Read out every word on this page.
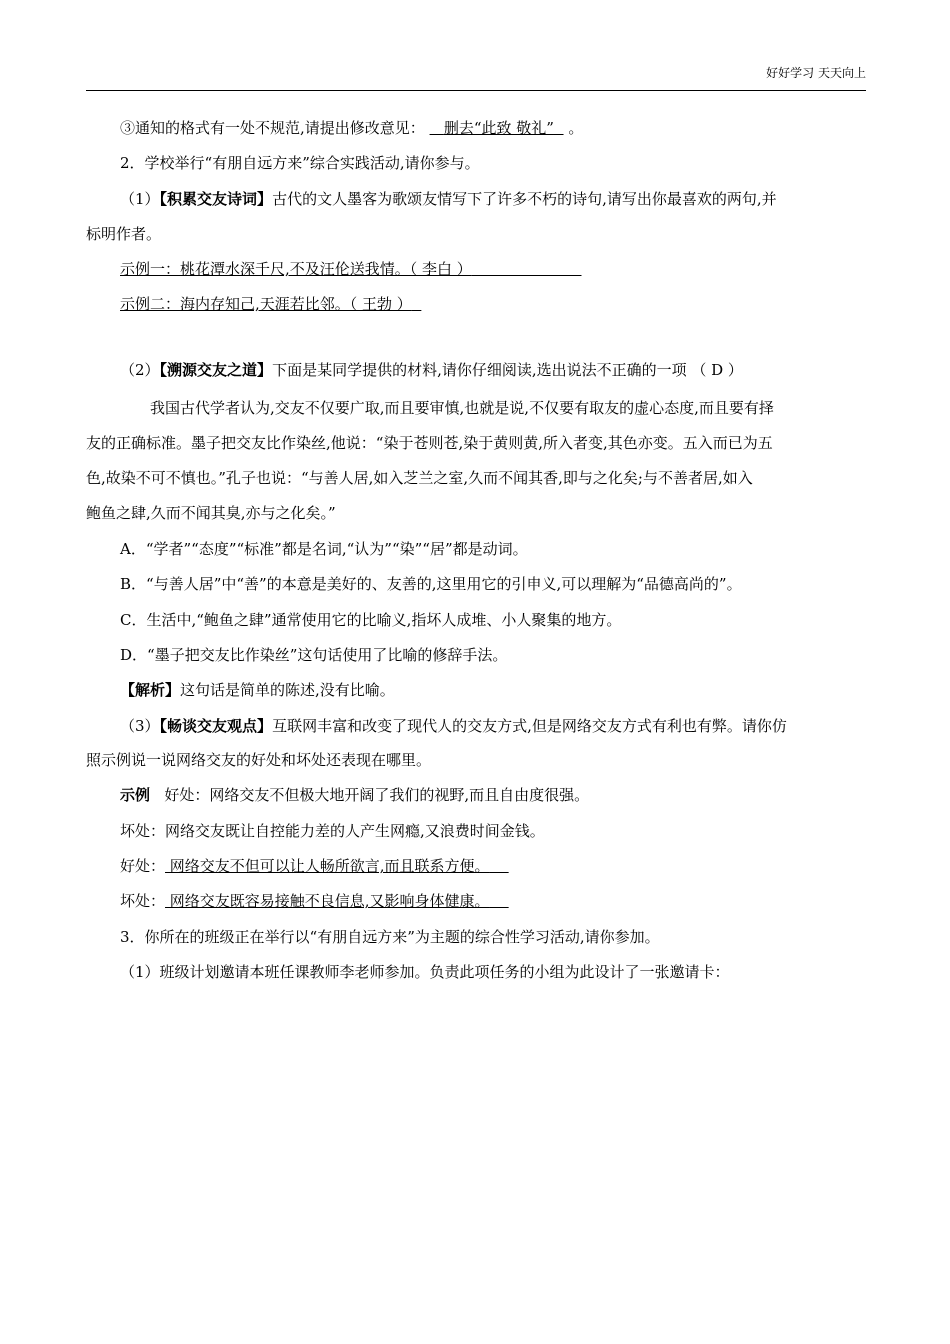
好好学习 天天向上
③通知的格式有一处不规范,请提出修改意见： 删去“此致 敬礼” 。
2．学校举行“有朋自远方来”综合实践活动,请你参与。
（1）【积累交友诗词】古代的文人墨客为歌颂友情写下了许多不朽的诗句,请写出你最喜欢的两句,并
标明作者。
示例一：桃花潭水深千尺,不及汪伦送我情。（ 李白 ）
示例二：海内存知己,天涯若比邻。（ 王勃 ）
（2）【溯源交友之道】下面是某同学提供的材料,请你仔细阅读,选出说法不正确的一项 （ D ）
我国古代学者认为,交友不仅要广取,而且要审慎,也就是说,不仅要有取友的虚心态度,而且要有择
友的正确标准。墨子把交友比作染丝,他说：“染于苍则苍,染于黄则黄,所入者变,其色亦变。五入而已为五
色,故染不可不慎也。”孔子也说：“与善人居,如入芝兰之室,久而不闻其香,即与之化矣;与不善者居,如入
鲍鱼之肆,久而不闻其臭,亦与之化矣。”
A．“学者”“态度”“标准”都是名词,“认为”“染”“居”都是动词。
B．“与善人居”中“善”的本意是美好的、友善的,这里用它的引申义,可以理解为“品德高尚的”。
C．生活中,“鲍鱼之肆”通常使用它的比喻义,指坏人成堆、小人聚集的地方。
D．“墨子把交友比作染丝”这句话使用了比喻的修辞手法。
【解析】这句话是简单的陈述,没有比喻。
（3）【畅谈交友观点】互联网丰富和改变了现代人的交友方式,但是网络交友方式有利也有弊。请你仿
照示例说一说网络交友的好处和坏处还表现在哪里。
示例 好处：网络交友不但极大地开阔了我们的视野,而且自由度很强。
坏处：网络交友既让自控能力差的人产生网瘾,又浪费时间金钱。
好处： 网络交友不但可以让人畅所欲言,而且联系方便。
坏处： 网络交友既容易接触不良信息,又影响身体健康。
3．你所在的班级正在举行以“有朋自远方来”为主题的综合性学习活动,请你参加。
（1）班级计划邀请本班任课教师李老师参加。负责此项任务的小组为此设计了一张邀请卡：
